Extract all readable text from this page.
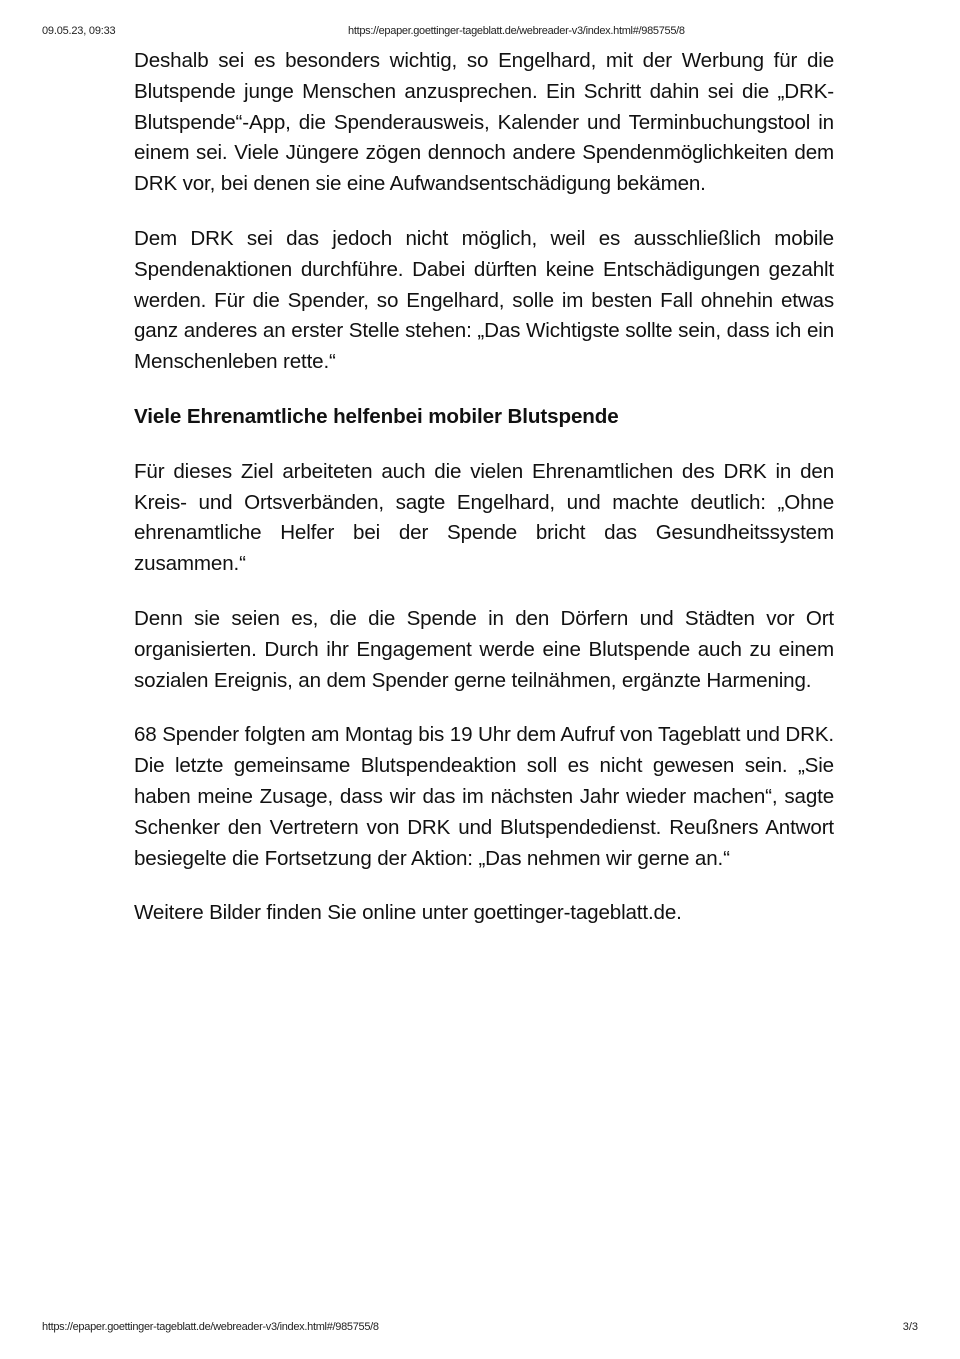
09.05.23, 09:33	https://epaper.goettinger-tageblatt.de/webreader-v3/index.html#/985755/8

Deshalb sei es besonders wichtig, so Engelhard, mit der Werbung für die Blutspende junge Menschen anzusprechen. Ein Schritt dahin sei die „DRK-Blutspende“-App, die Spenderausweis, Kalender und Terminbuchungstool in einem sei. Viele Jüngere zögen dennoch andere Spendenmöglichkeiten dem DRK vor, bei denen sie eine Aufwandsentschädigung bekämen.

Dem DRK sei das jedoch nicht möglich, weil es ausschließlich mobile Spendenaktionen durchführe. Dabei dürften keine Entschädigungen gezahlt werden. Für die Spender, so Engelhard, solle im besten Fall ohnehin etwas ganz anderes an erster Stelle stehen: „Das Wichtigste sollte sein, dass ich ein Menschenleben rette.“

Viele Ehrenamtliche helfenbei mobiler Blutspende

Für dieses Ziel arbeiteten auch die vielen Ehrenamtlichen des DRK in den Kreis- und Ortsverbänden, sagte Engelhard, und machte deutlich: „Ohne ehrenamtliche Helfer bei der Spende bricht das Gesundheitssystem zusammen.“

Denn sie seien es, die die Spende in den Dörfern und Städten vor Ort organisierten. Durch ihr Engagement werde eine Blutspende auch zu einem sozialen Ereignis, an dem Spender gerne teilnähmen, ergänzte Harmening.

68 Spender folgten am Montag bis 19 Uhr dem Aufruf von Tageblatt und DRK. Die letzte gemeinsame Blutspendeaktion soll es nicht gewesen sein. „Sie haben meine Zusage, dass wir das im nächsten Jahr wieder machen“, sagte Schenker den Vertretern von DRK und Blutspendedienst. Reußners Antwort besiegelte die Fortsetzung der Aktion: „Das nehmen wir gerne an.“

Weitere Bilder finden Sie online unter goettinger-tageblatt.de.

https://epaper.goettinger-tageblatt.de/webreader-v3/index.html#/985755/8	3/3
